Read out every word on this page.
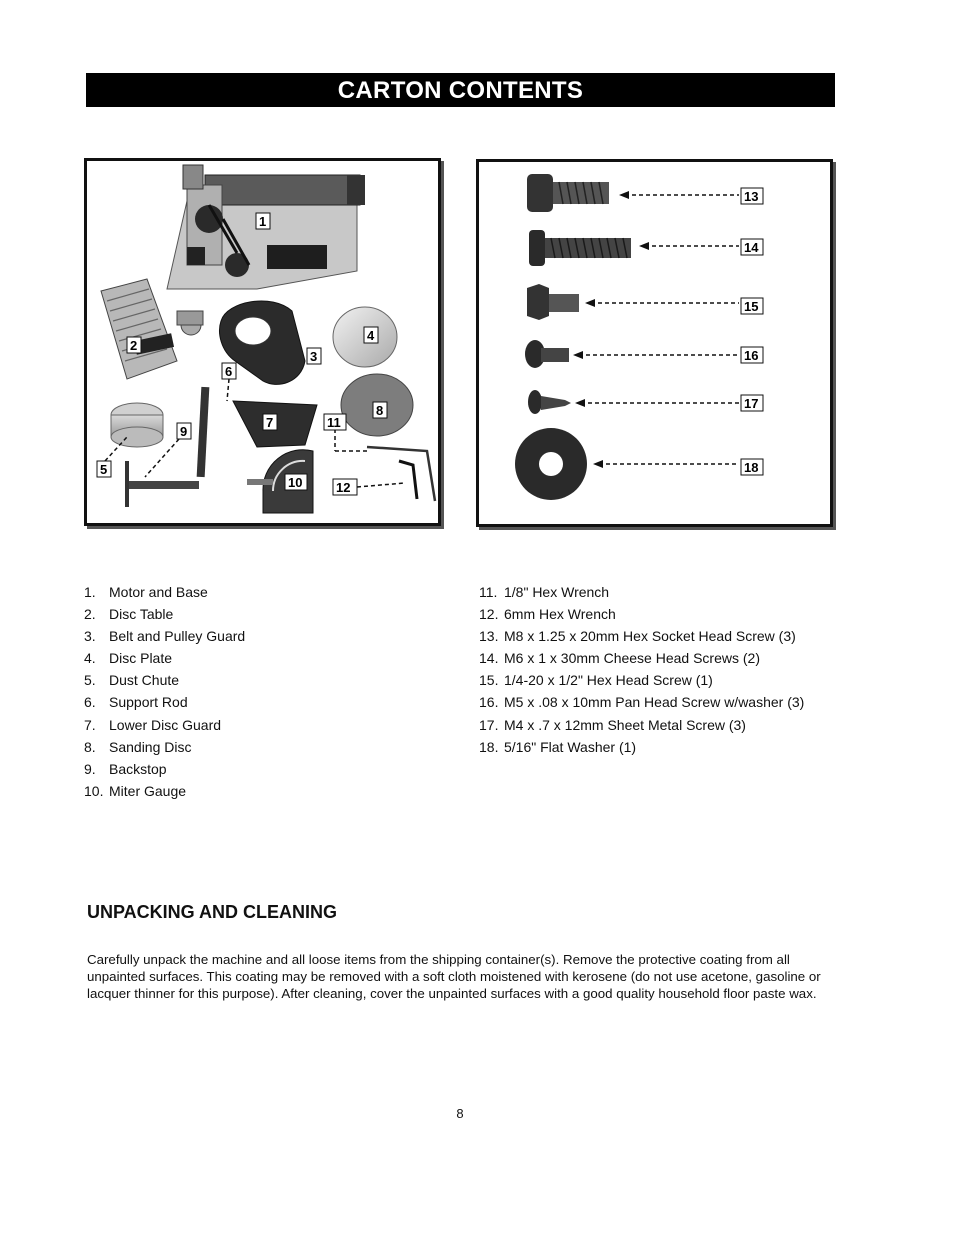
CARTON CONTENTS
1
2
3
4
5
6
7
8
9
10
11
12
13
14
15
16
17
18
1. Motor and Base
2. Disc Table
3. Belt and Pulley Guard
4. Disc Plate
5. Dust Chute
6. Support Rod
7. Lower Disc Guard
8. Sanding Disc
9. Backstop
10. Miter Gauge
11. 1/8" Hex Wrench
12. 6mm Hex Wrench
13. M8 x 1.25 x 20mm Hex Socket Head Screw (3)
14. M6 x 1 x 30mm Cheese Head Screws (2)
15. 1/4-20 x 1/2" Hex Head Screw (1)
16. M5 x .08 x 10mm Pan Head Screw w/washer (3)
17. M4 x .7 x 12mm Sheet Metal Screw (3)
18. 5/16" Flat Washer (1)
UNPACKING AND CLEANING

Carefully unpack the machine and all loose items from the shipping container(s). Remove the protective coating from all unpainted surfaces. This coating may be removed with a soft cloth moistened with kerosene (do not use acetone, gasoline or lacquer thinner for this purpose). After cleaning, cover the unpainted surfaces with a good quality household floor paste wax.

8
